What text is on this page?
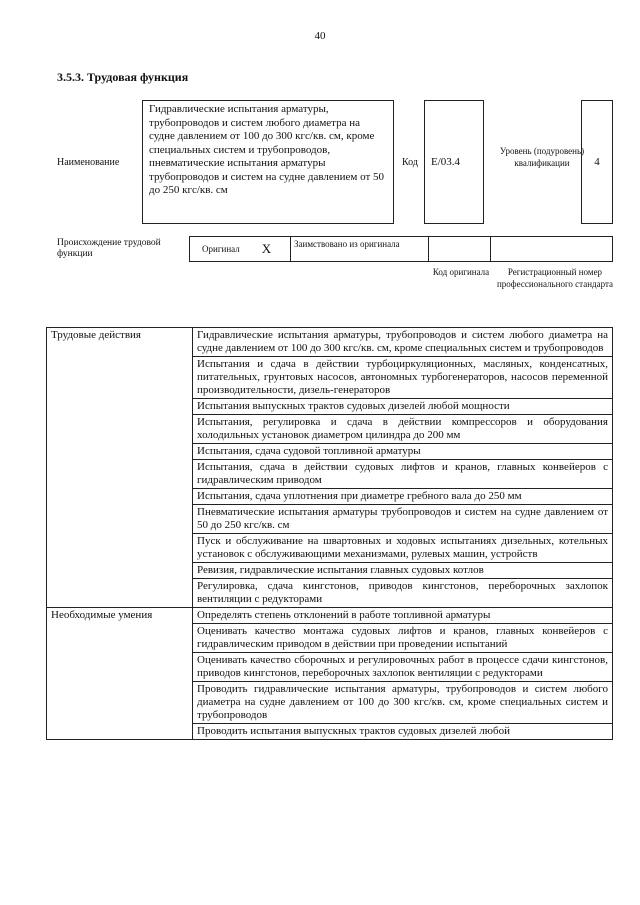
40
3.5.3. Трудовая функция
Наименование
Гидравлические испытания арматуры, трубопроводов и систем любого диаметра на судне давлением от 100 до 300 кгс/кв. см, кроме специальных систем и трубопроводов, пневматические испытания арматуры трубопроводов и систем на судне давлением от 50 до 250 кгс/кв. см
Код	E/03.4
Уровень (подуровень) квалификации	4
Происхождение трудовой функции	Оригинал X	Заимствовано из оригинала
Код оригинала	Регистрационный номер профессионального стандарта
Трудовые действия	Гидравлические испытания арматуры, трубопроводов и систем любого диаметра на судне давлением от 100 до 300 кгс/кв. см, кроме специальных систем и трубопроводов
	Испытания и сдача в действии турбоциркуляционных, масляных, конденсатных, питательных, грунтовых насосов, автономных турбогенераторов, насосов переменной производительности, дизель-генераторов
	Испытания выпускных трактов судовых дизелей любой мощности
	Испытания, регулировка и сдача в действии компрессоров и оборудования холодильных установок диаметром цилиндра до 200 мм
	Испытания, сдача судовой топливной арматуры
	Испытания, сдача в действии судовых лифтов и кранов, главных конвейеров с гидравлическим приводом
	Испытания, сдача уплотнения при диаметре гребного вала до 250 мм
	Пневматические испытания арматуры трубопроводов и систем на судне давлением от 50 до 250 кгс/кв. см
	Пуск и обслуживание на швартовных и ходовых испытаниях дизельных, котельных установок с обслуживающими механизмами, рулевых машин, устройств
	Ревизия, гидравлические испытания главных судовых котлов
	Регулировка, сдача кингстонов, приводов кингстонов, переборочных захлопок вентиляции с редукторами
Необходимые умения	Определять степень отклонений в работе топливной арматуры
	Оценивать качество монтажа судовых лифтов и кранов, главных конвейеров с гидравлическим приводом в действии при проведении испытаний
	Оценивать качество сборочных и регулировочных работ в процессе сдачи кингстонов, приводов кингстонов, переборочных захлопок вентиляции с редукторами
	Проводить гидравлические испытания арматуры, трубопроводов и систем любого диаметра на судне давлением от 100 до 300 кгс/кв. см, кроме специальных систем и трубопроводов
	Проводить испытания выпускных трактов судовых дизелей любой
